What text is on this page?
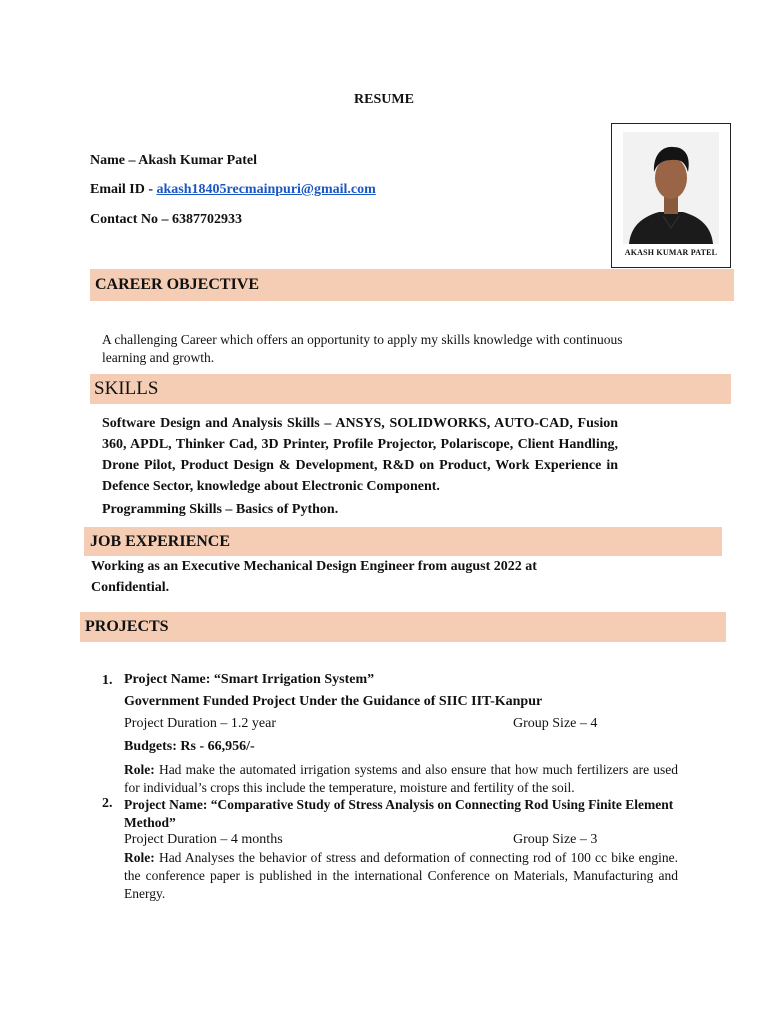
RESUME
Name – Akash Kumar Patel
Email ID - akash18405recmainpuri@gmail.com
Contact No – 6387702933
AKASH KUMAR PATEL
CAREER OBJECTIVE
A challenging Career which offers an opportunity to apply my skills knowledge with continuous learning and growth.
SKILLS
Software Design and Analysis Skills – ANSYS, SOLIDWORKS, AUTO-CAD, Fusion 360, APDL, Thinker Cad, 3D Printer, Profile Projector, Polariscope, Client Handling, Drone Pilot, Product Design & Development, R&D on Product, Work Experience in Defence Sector, knowledge about Electronic Component.
Programming Skills – Basics of Python.
JOB EXPERIENCE
Working as an Executive Mechanical Design Engineer from august 2022 at Confidential.
PROJECTS
1. Project Name: “Smart Irrigation System”
Government Funded Project Under the Guidance of SIIC IIT-Kanpur
Project Duration – 1.2 year	Group Size – 4
Budgets: Rs - 66,956/-
Role: Had make the automated irrigation systems and also ensure that how much fertilizers are used for individual’s crops this include the temperature, moisture and fertility of the soil.
2. Project Name: “Comparative Study of Stress Analysis on Connecting Rod Using Finite Element Method”
Project Duration – 4 months	Group Size – 3
Role: Had Analyses the behavior of stress and deformation of connecting rod of 100 cc bike engine. the conference paper is published in the international Conference on Materials, Manufacturing and Energy.
